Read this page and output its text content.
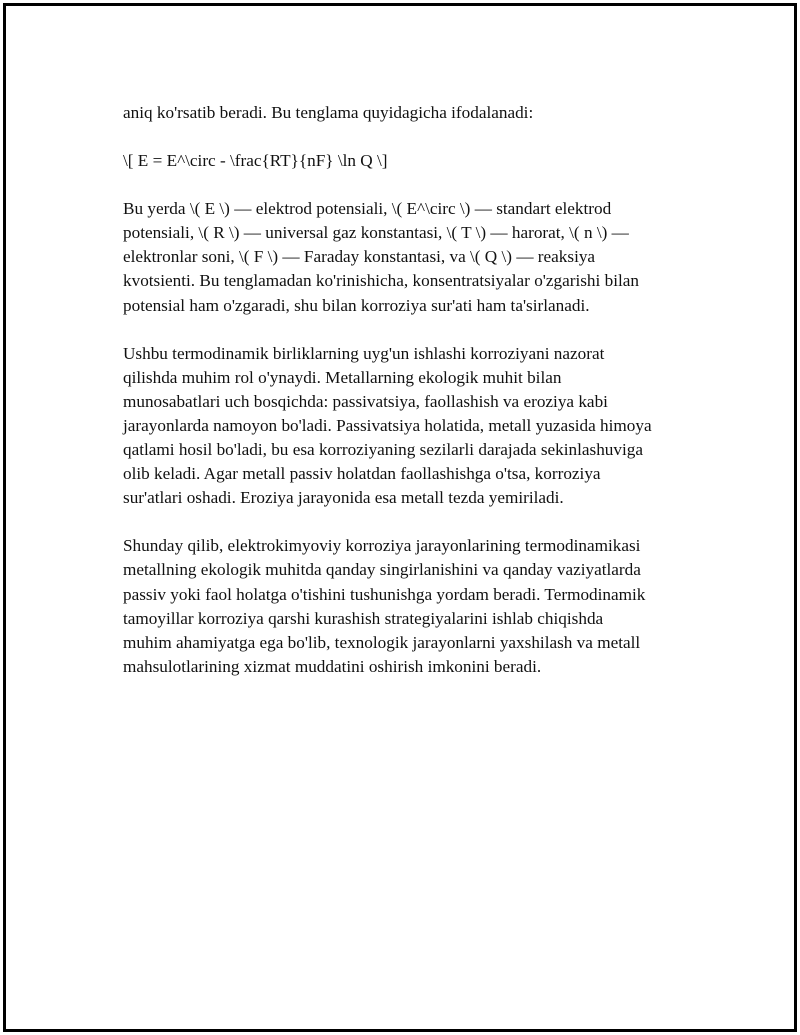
aniq ko'rsatib beradi. Bu tenglama quyidagicha ifodalanadi:

\[ E = E^\circ - \frac{RT}{nF} \ln Q \]

Bu yerda \( E \) — elektrod potensiali, \( E^\circ \) — standart elektrod
potensiali, \( R \) — universal gaz konstantasi, \( T \) — harorat, \( n \) —
elektronlar soni, \( F \) — Faraday konstantasi, va \( Q \) — reaksiya
kvotsienti. Bu tenglamadan ko'rinishicha, konsentratsiyalar o'zgarishi bilan
potensial ham o'zgaradi, shu bilan korroziya sur'ati ham ta'sirlanadi.

Ushbu termodinamik birliklarning uyg'un ishlashi korroziyani nazorat
qilishda muhim rol o'ynaydi. Metallarning ekologik muhit bilan
munosabatlari uch bosqichda: passivatsiya, faollashish va eroziya kabi
jarayonlarda namoyon bo'ladi. Passivatsiya holatida, metall yuzasida himoya
qatlami hosil bo'ladi, bu esa korroziyaning sezilarli darajada sekinlashuviga
olib keladi. Agar metall passiv holatdan faollashishga o'tsa, korroziya
sur'atlari oshadi. Eroziya jarayonida esa metall tezda yemiriladi.

Shunday qilib, elektrokimyoviy korroziya jarayonlarining termodinamikasi
metallning ekologik muhitda qanday singirlanishini va qanday vaziyatlarda
passiv yoki faol holatga o'tishini tushunishga yordam beradi. Termodinamik
tamoyillar korroziya qarshi kurashish strategiyalarini ishlab chiqishda
muhim ahamiyatga ega bo'lib, texnologik jarayonlarni yaxshilash va metall
mahsulotlarining xizmat muddatini oshirish imkonini beradi.
